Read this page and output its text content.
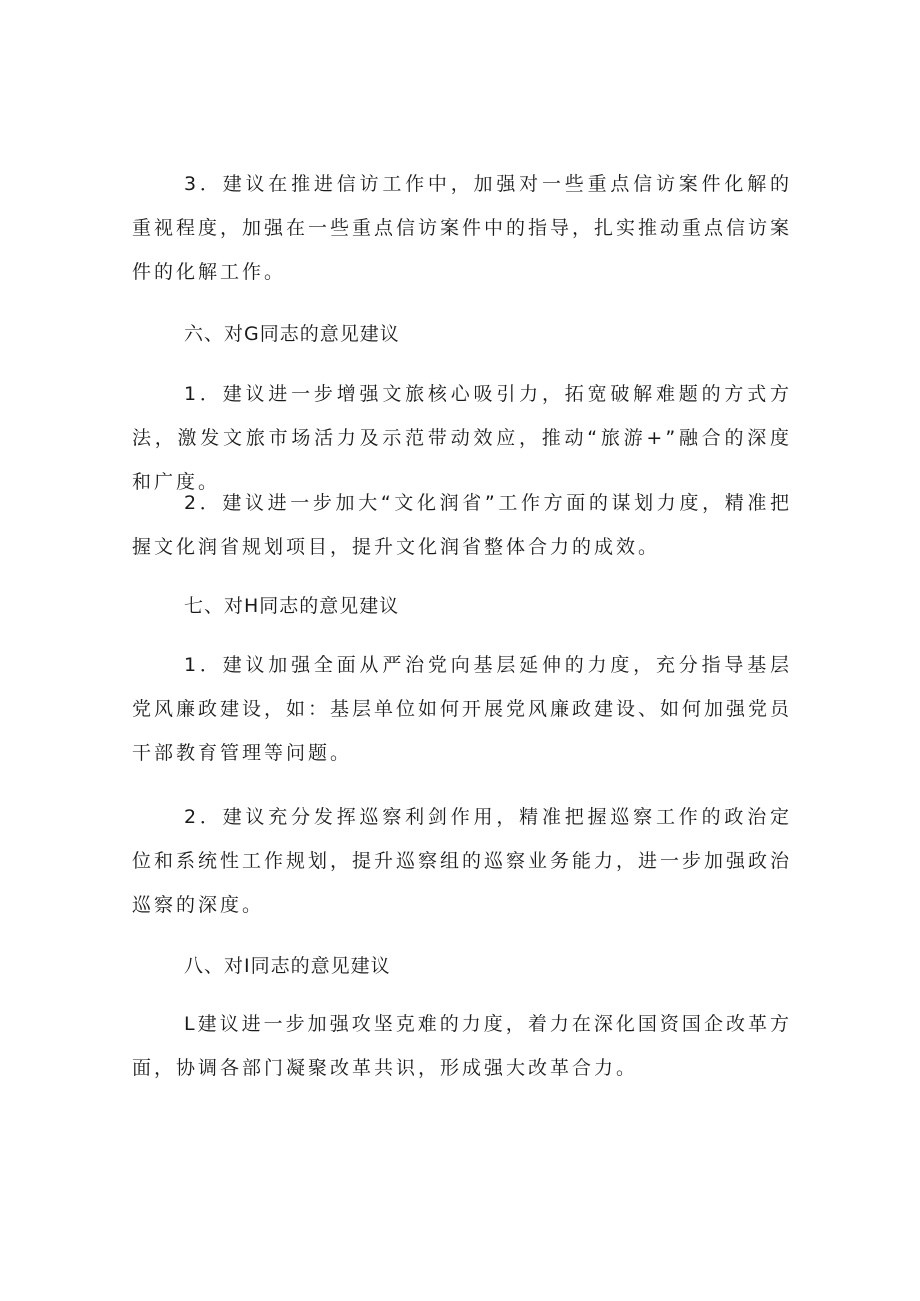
3．建议在推进信访工作中，加强对一些重点信访案件化解的重视程度，加强在一些重点信访案件中的指导，扎实推动重点信访案件的化解工作。

六、对G同志的意见建议

1．建议进一步增强文旅核心吸引力，拓宽破解难题的方式方法，激发文旅市场活力及示范带动效应，推动“旅游+”融合的深度和广度。

2．建议进一步加大“文化润省”工作方面的谋划力度，精准把握文化润省规划项目，提升文化润省整体合力的成效。

七、对H同志的意见建议

1．建议加强全面从严治党向基层延伸的力度，充分指导基层党风廉政建设，如：基层单位如何开展党风廉政建设、如何加强党员干部教育管理等问题。

2．建议充分发挥巡察利剑作用，精准把握巡察工作的政治定位和系统性工作规划，提升巡察组的巡察业务能力，进一步加强政治巡察的深度。

八、对I同志的意见建议

L建议进一步加强攻坚克难的力度，着力在深化国资国企改革方面，协调各部门凝聚改革共识，形成强大改革合力。
